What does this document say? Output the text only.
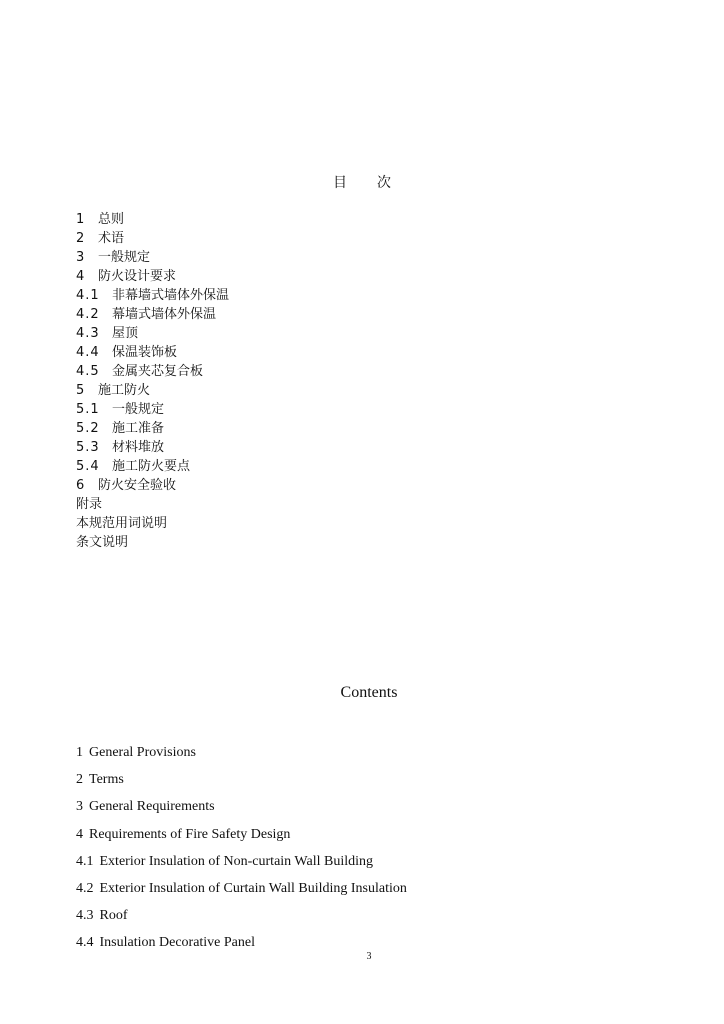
目 次
1 总则
2 术语
3 一般规定
4 防火设计要求
4.1 非幕墙式墙体外保温
4.2 幕墙式墙体外保温
4.3 屋顶
4.4 保温装饰板
4.5 金属夹芯复合板
5 施工防火
5.1 一般规定
5.2 施工准备
5.3 材料堆放
5.4 施工防火要点
6 防火安全验收
附录
本规范用词说明
条文说明
Contents
1 General Provisions
2 Terms
3 General Requirements
4 Requirements of Fire Safety Design
4.1 Exterior Insulation of Non-curtain Wall Building
4.2 Exterior Insulation of Curtain Wall Building Insulation
4.3 Roof
4.4 Insulation Decorative Panel
3
